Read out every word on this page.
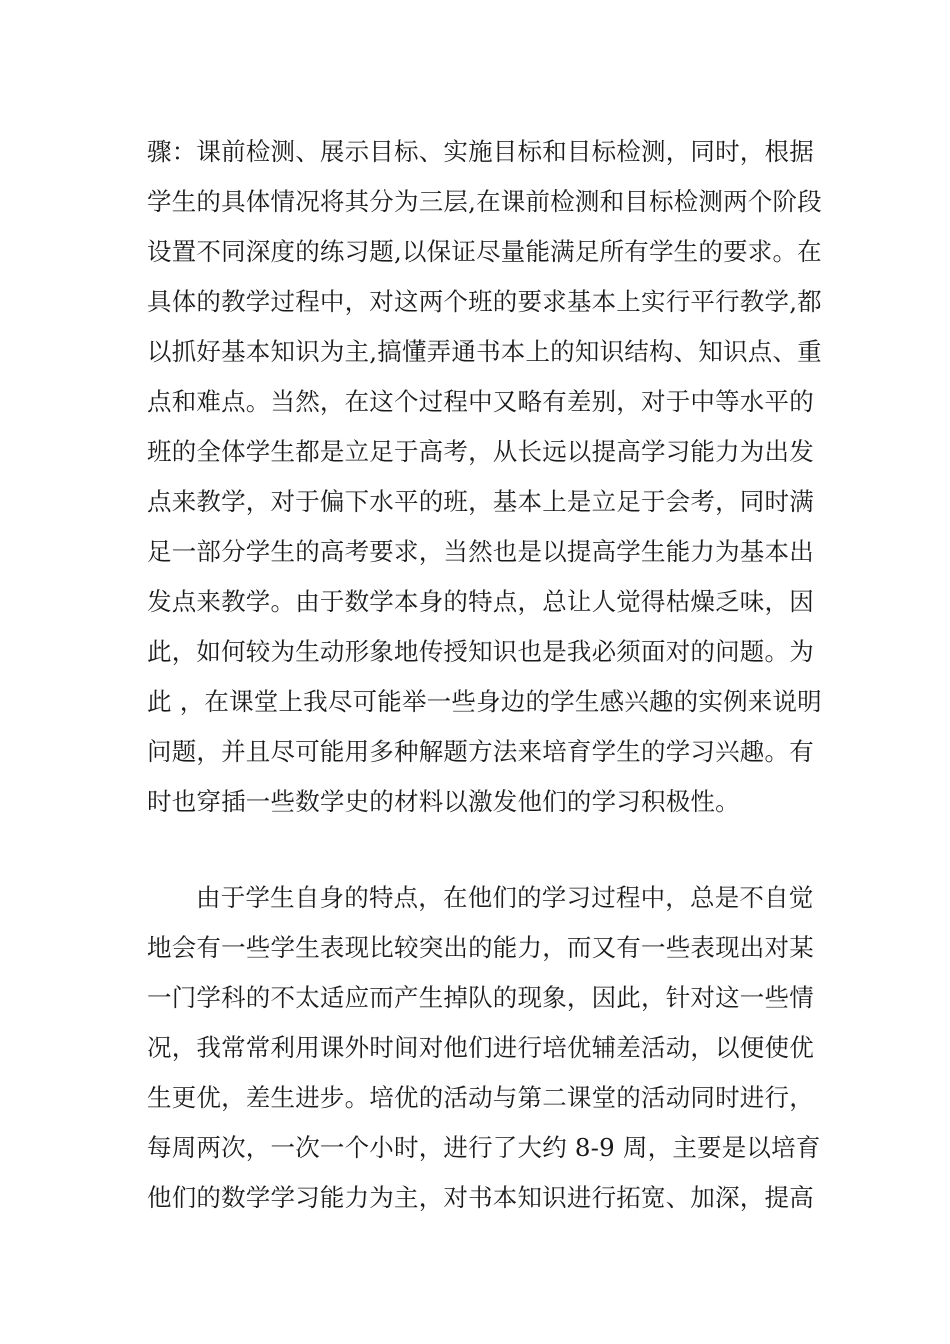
骤：课前检测、展示目标、实施目标和目标检测，同时，根据
学生的具体情况将其分为三层,在课前检测和目标检测两个阶段
设置不同深度的练习题,以保证尽量能满足所有学生的要求。在
具体的教学过程中，对这两个班的要求基本上实行平行教学,都
以抓好基本知识为主,搞懂弄通书本上的知识结构、知识点、重
点和难点。当然，在这个过程中又略有差别，对于中等水平的
班的全体学生都是立足于高考，从长远以提高学习能力为出发
点来教学，对于偏下水平的班，基本上是立足于会考，同时满
足一部分学生的高考要求，当然也是以提高学生能力为基本出
发点来教学。由于数学本身的特点，总让人觉得枯燥乏味，因
此，如何较为生动形象地传授知识也是我必须面对的问题。为
此 ，在课堂上我尽可能举一些身边的学生感兴趣的实例来说明
问题，并且尽可能用多种解题方法来培育学生的学习兴趣。有
时也穿插一些数学史的材料以激发他们的学习积极性。
由于学生自身的特点，在他们的学习过程中，总是不自觉
地会有一些学生表现比较突出的能力，而又有一些表现出对某
一门学科的不太适应而产生掉队的现象，因此，针对这一些情
况，我常常利用课外时间对他们进行培优辅差活动，以便使优
生更优，差生进步。培优的活动与第二课堂的活动同时进行，
每周两次，一次一个小时，进行了大约 8-9 周，主要是以培育
他们的数学学习能力为主，对书本知识进行拓宽、加深，提高
